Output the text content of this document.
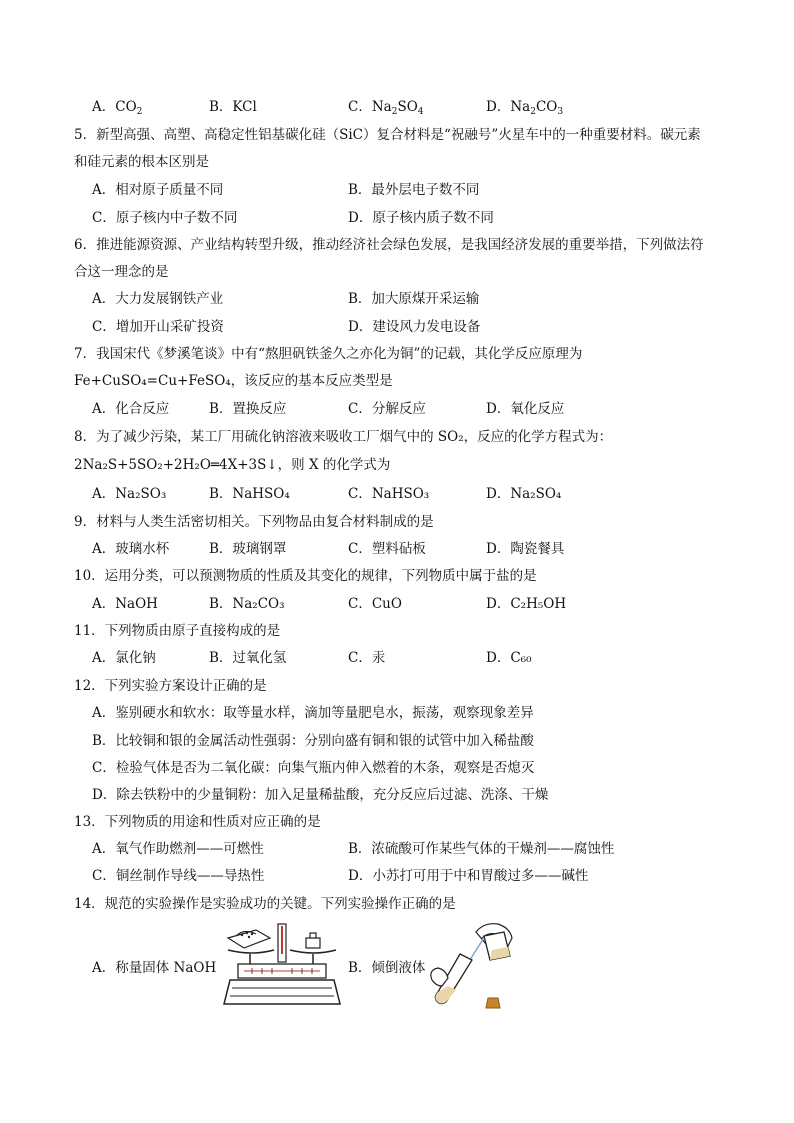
A．$CO_2$	B．KCl	C．$Na_2SO_4$	D．$Na_2CO_3$
5．新型高强、高塑、高稳定性铝基碳化硅（SiC）复合材料是“祝融号”火星车中的一种重要材料。碳元素
和硅元素的根本区别是
A．相对原子质量不同	B．最外层电子数不同
C．原子核内中子数不同	D．原子核内质子数不同
6．推进能源资源、产业结构转型升级，推动经济社会绿色发展，是我国经济发展的重要举措，下列做法符
合这一理念的是
A．大力发展钢铁产业	B．加大原煤开采运输
C．增加开山采矿投资	D．建设风力发电设备
7．我国宋代《梦溪笔谈》中有“熬胆矾铁釜久之亦化为铜”的记载，其化学反应原理为
Fe+CuSO₄=Cu+FeSO₄，该反应的基本反应类型是
A．化合反应	B．置换反应	C．分解反应	D．氧化反应
8．为了减少污染，某工厂用硫化钠溶液来吸收工厂烟气中的 SO₂，反应的化学方程式为：
2Na₂S+5SO₂+2H₂O═4X+3S↓，则 X 的化学式为
A．Na₂SO₃	B．NaHSO₄	C．NaHSO₃	D．Na₂SO₄
9．材料与人类生活密切相关。下列物品由复合材料制成的是
A．玻璃水杯	B．玻璃钢罩	C．塑料砧板	D．陶瓷餐具
10．运用分类，可以预测物质的性质及其变化的规律，下列物质中属于盐的是
A．NaOH	B．Na₂CO₃	C．CuO	D．C₂H₅OH
11．下列物质由原子直接构成的是
A．氯化钠	B．过氧化氢	C．汞	D．C₆₀
12．下列实验方案设计正确的是
A．鉴别硬水和软水：取等量水样，滴加等量肥皂水，振荡，观察现象差异
B．比较铜和银的金属活动性强弱：分别向盛有铜和银的试管中加入稀盐酸
C．检验气体是否为二氧化碳：向集气瓶内伸入燃着的木条，观察是否熄灭
D．除去铁粉中的少量铜粉：加入足量稀盐酸，充分反应后过滤、洗涤、干燥
13．下列物质的用途和性质对应正确的是
A．氧气作助燃剂——可燃性	B．浓硫酸可作某些气体的干燥剂——腐蚀性
C．铜丝制作导线——导热性	D．小苏打可用于中和胃酸过多——碱性
14．规范的实验操作是实验成功的关键。下列实验操作正确的是
A．称量固体 NaOH	B．倾倒液体
